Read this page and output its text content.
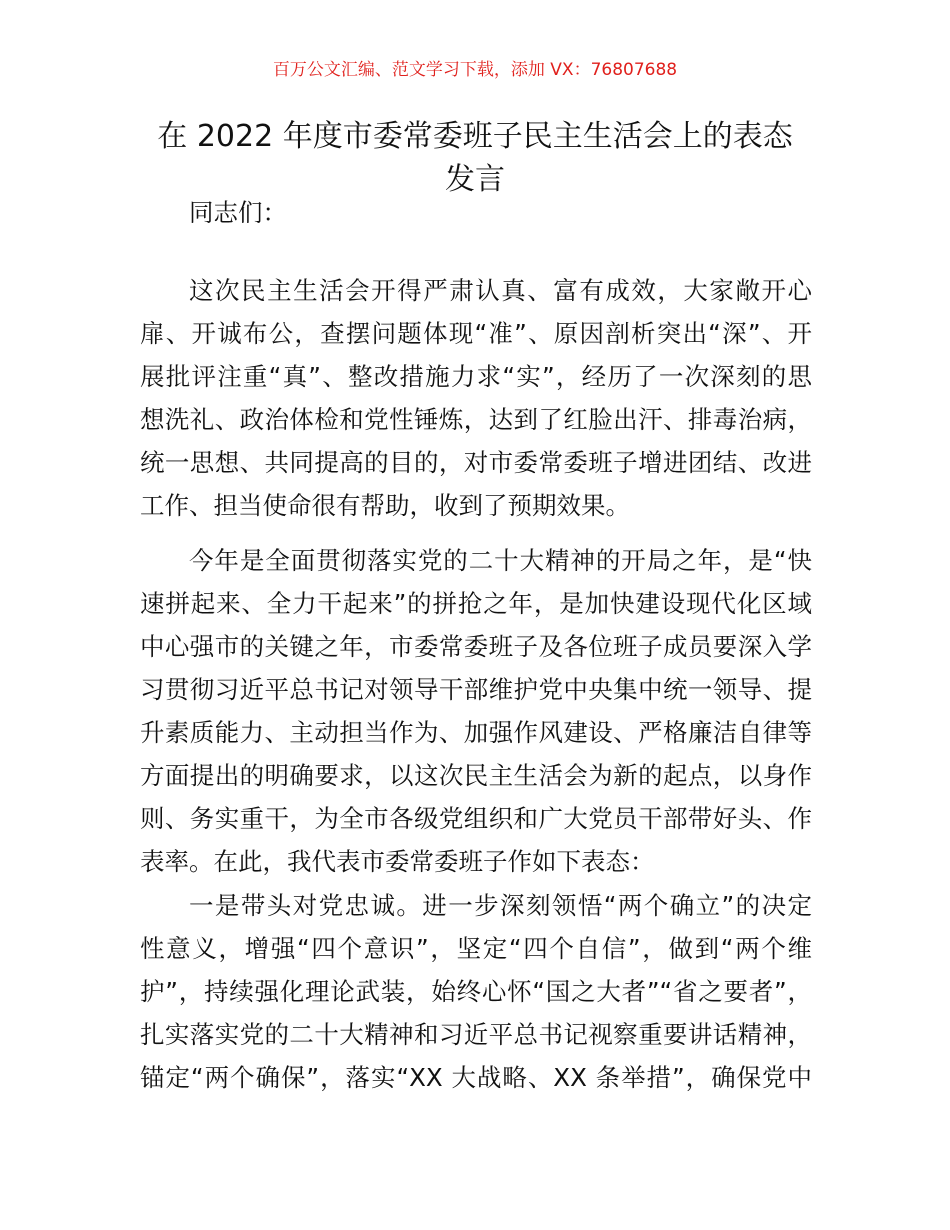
百万公文汇编、范文学习下载，添加 VX：76807688
在 2022 年度市委常委班子民主生活会上的表态
发言
同志们：
这次民主生活会开得严肃认真、富有成效，大家敞开心
扉、开诚布公，查摆问题体现“准”、原因剖析突出“深”、开
展批评注重“真”、整改措施力求“实”，经历了一次深刻的思
想洗礼、政治体检和党性锤炼，达到了红脸出汗、排毒治病，
统一思想、共同提高的目的，对市委常委班子增进团结、改进
工作、担当使命很有帮助，收到了预期效果。
今年是全面贯彻落实党的二十大精神的开局之年，是“快
速拼起来、全力干起来”的拼抢之年，是加快建设现代化区域
中心强市的关键之年，市委常委班子及各位班子成员要深入学
习贯彻习近平总书记对领导干部维护党中央集中统一领导、提
升素质能力、主动担当作为、加强作风建设、严格廉洁自律等
方面提出的明确要求，以这次民主生活会为新的起点，以身作
则、务实重干，为全市各级党组织和广大党员干部带好头、作
表率。在此，我代表市委常委班子作如下表态：
一是带头对党忠诚。进一步深刻领悟“两个确立”的决定
性意义，增强“四个意识”，坚定“四个自信”，做到“两个维
护”，持续强化理论武装，始终心怀“国之大者”“省之要者”，
扎实落实党的二十大精神和习近平总书记视察重要讲话精神，
锚定“两个确保”，落实“XX 大战略、XX 条举措”，确保党中
